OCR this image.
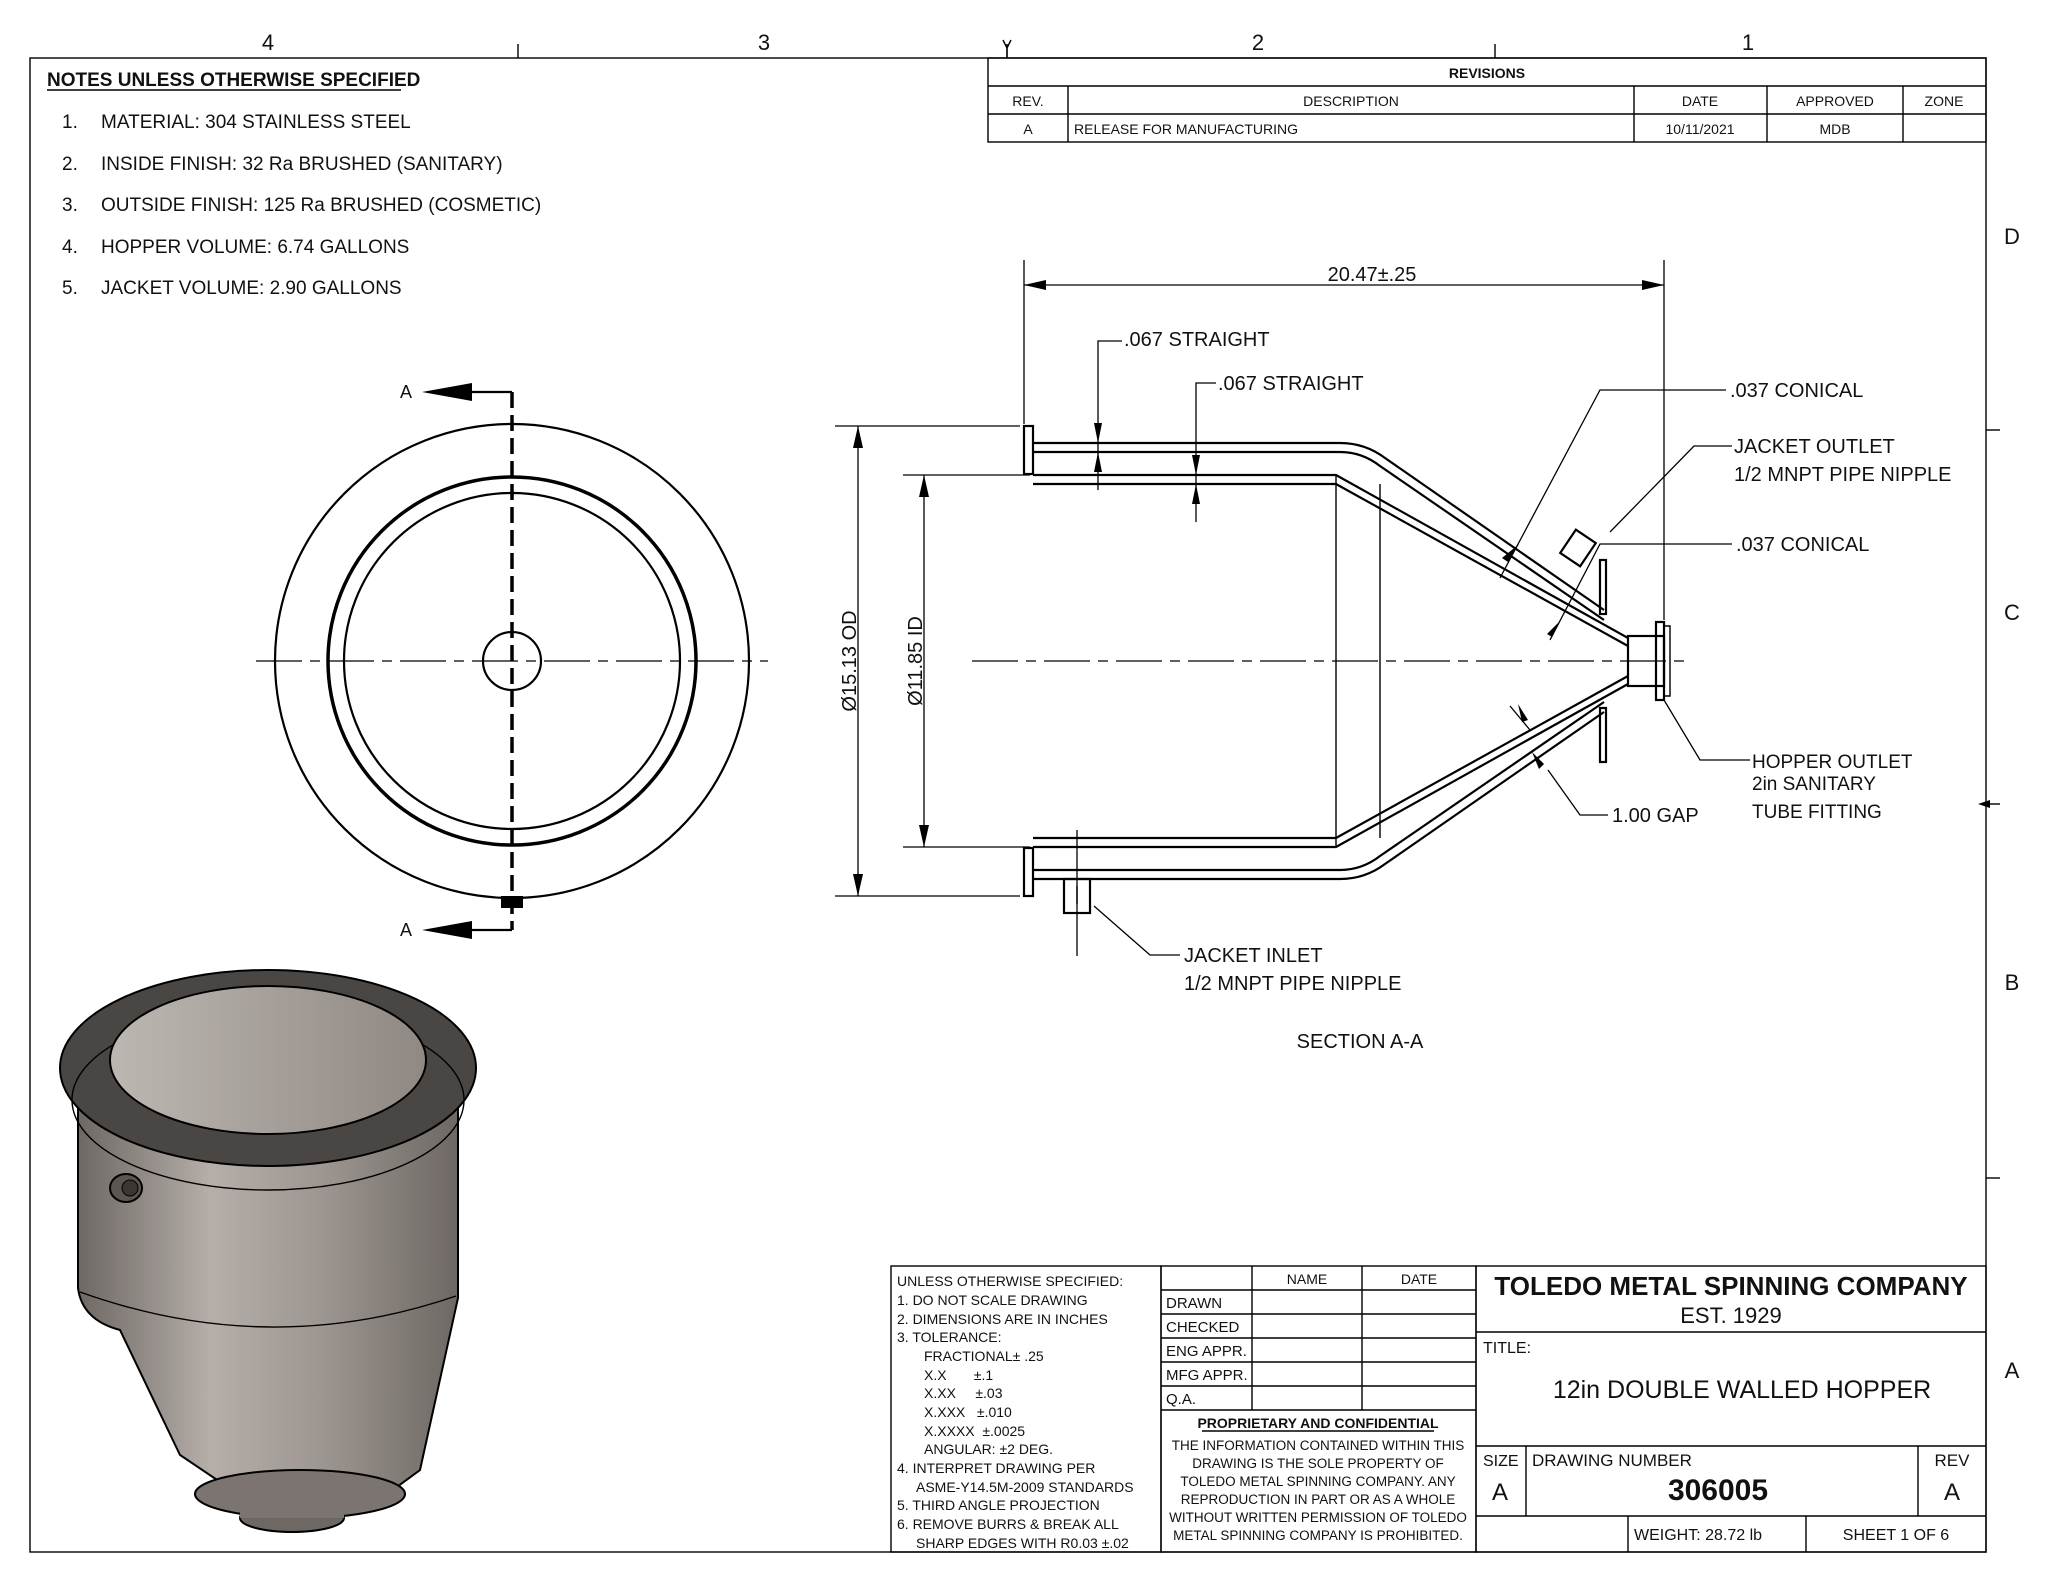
4	3	2	1
D
C
B
A
NOTES UNLESS OTHERWISE SPECIFIED
1. MATERIAL: 304 STAINLESS STEEL
2. INSIDE FINISH: 32 Ra BRUSHED (SANITARY)
3. OUTSIDE FINISH: 125 Ra BRUSHED (COSMETIC)
4. HOPPER VOLUME: 6.74 GALLONS
5. JACKET VOLUME: 2.90 GALLONS
REVISIONS
REV.	DESCRIPTION	DATE	APPROVED	ZONE
A	RELEASE FOR MANUFACTURING	10/11/2021	MDB
A
A
20.47±.25
Ø15.13 OD Ø11.85 ID
.067 STRAIGHT
.067 STRAIGHT	.037 CONICAL
JACKET OUTLET
1/2 MNPT PIPE NIPPLE
.037 CONICAL
1.00 GAP
HOPPER OUTLET
2in SANITARY
TUBE FITTING
JACKET INLET
1/2 MNPT PIPE NIPPLE
SECTION A-A
UNLESS OTHERWISE SPECIFIED:
1. DO NOT SCALE DRAWING
2. DIMENSIONS ARE IN INCHES
3. TOLERANCE:
FRACTIONAL± .25
X.X       ±.1
X.XX     ±.03
X.XXX   ±.010
X.XXXX  ±.0025
ANGULAR: ±2 DEG.
4. INTERPRET DRAWING PER
ASME-Y14.5M-2009 STANDARDS
5. THIRD ANGLE PROJECTION
6. REMOVE BURRS & BREAK ALL
SHARP EDGES WITH R0.03 ±.02
NAME	DATE
DRAWN
CHECKED
ENG APPR.
MFG APPR.
Q.A.
PROPRIETARY AND CONFIDENTIAL
THE INFORMATION CONTAINED WITHIN THIS
DRAWING IS THE SOLE PROPERTY OF
TOLEDO METAL SPINNING COMPANY. ANY
REPRODUCTION IN PART OR AS A WHOLE
WITHOUT WRITTEN PERMISSION OF TOLEDO
METAL SPINNING COMPANY IS PROHIBITED.
TOLEDO METAL SPINNING COMPANY
EST. 1929
TITLE:
12in DOUBLE WALLED HOPPER
SIZE
A
DRAWING NUMBER
306005
REV
A
WEIGHT: 28.72 lb	SHEET 1 OF 6
